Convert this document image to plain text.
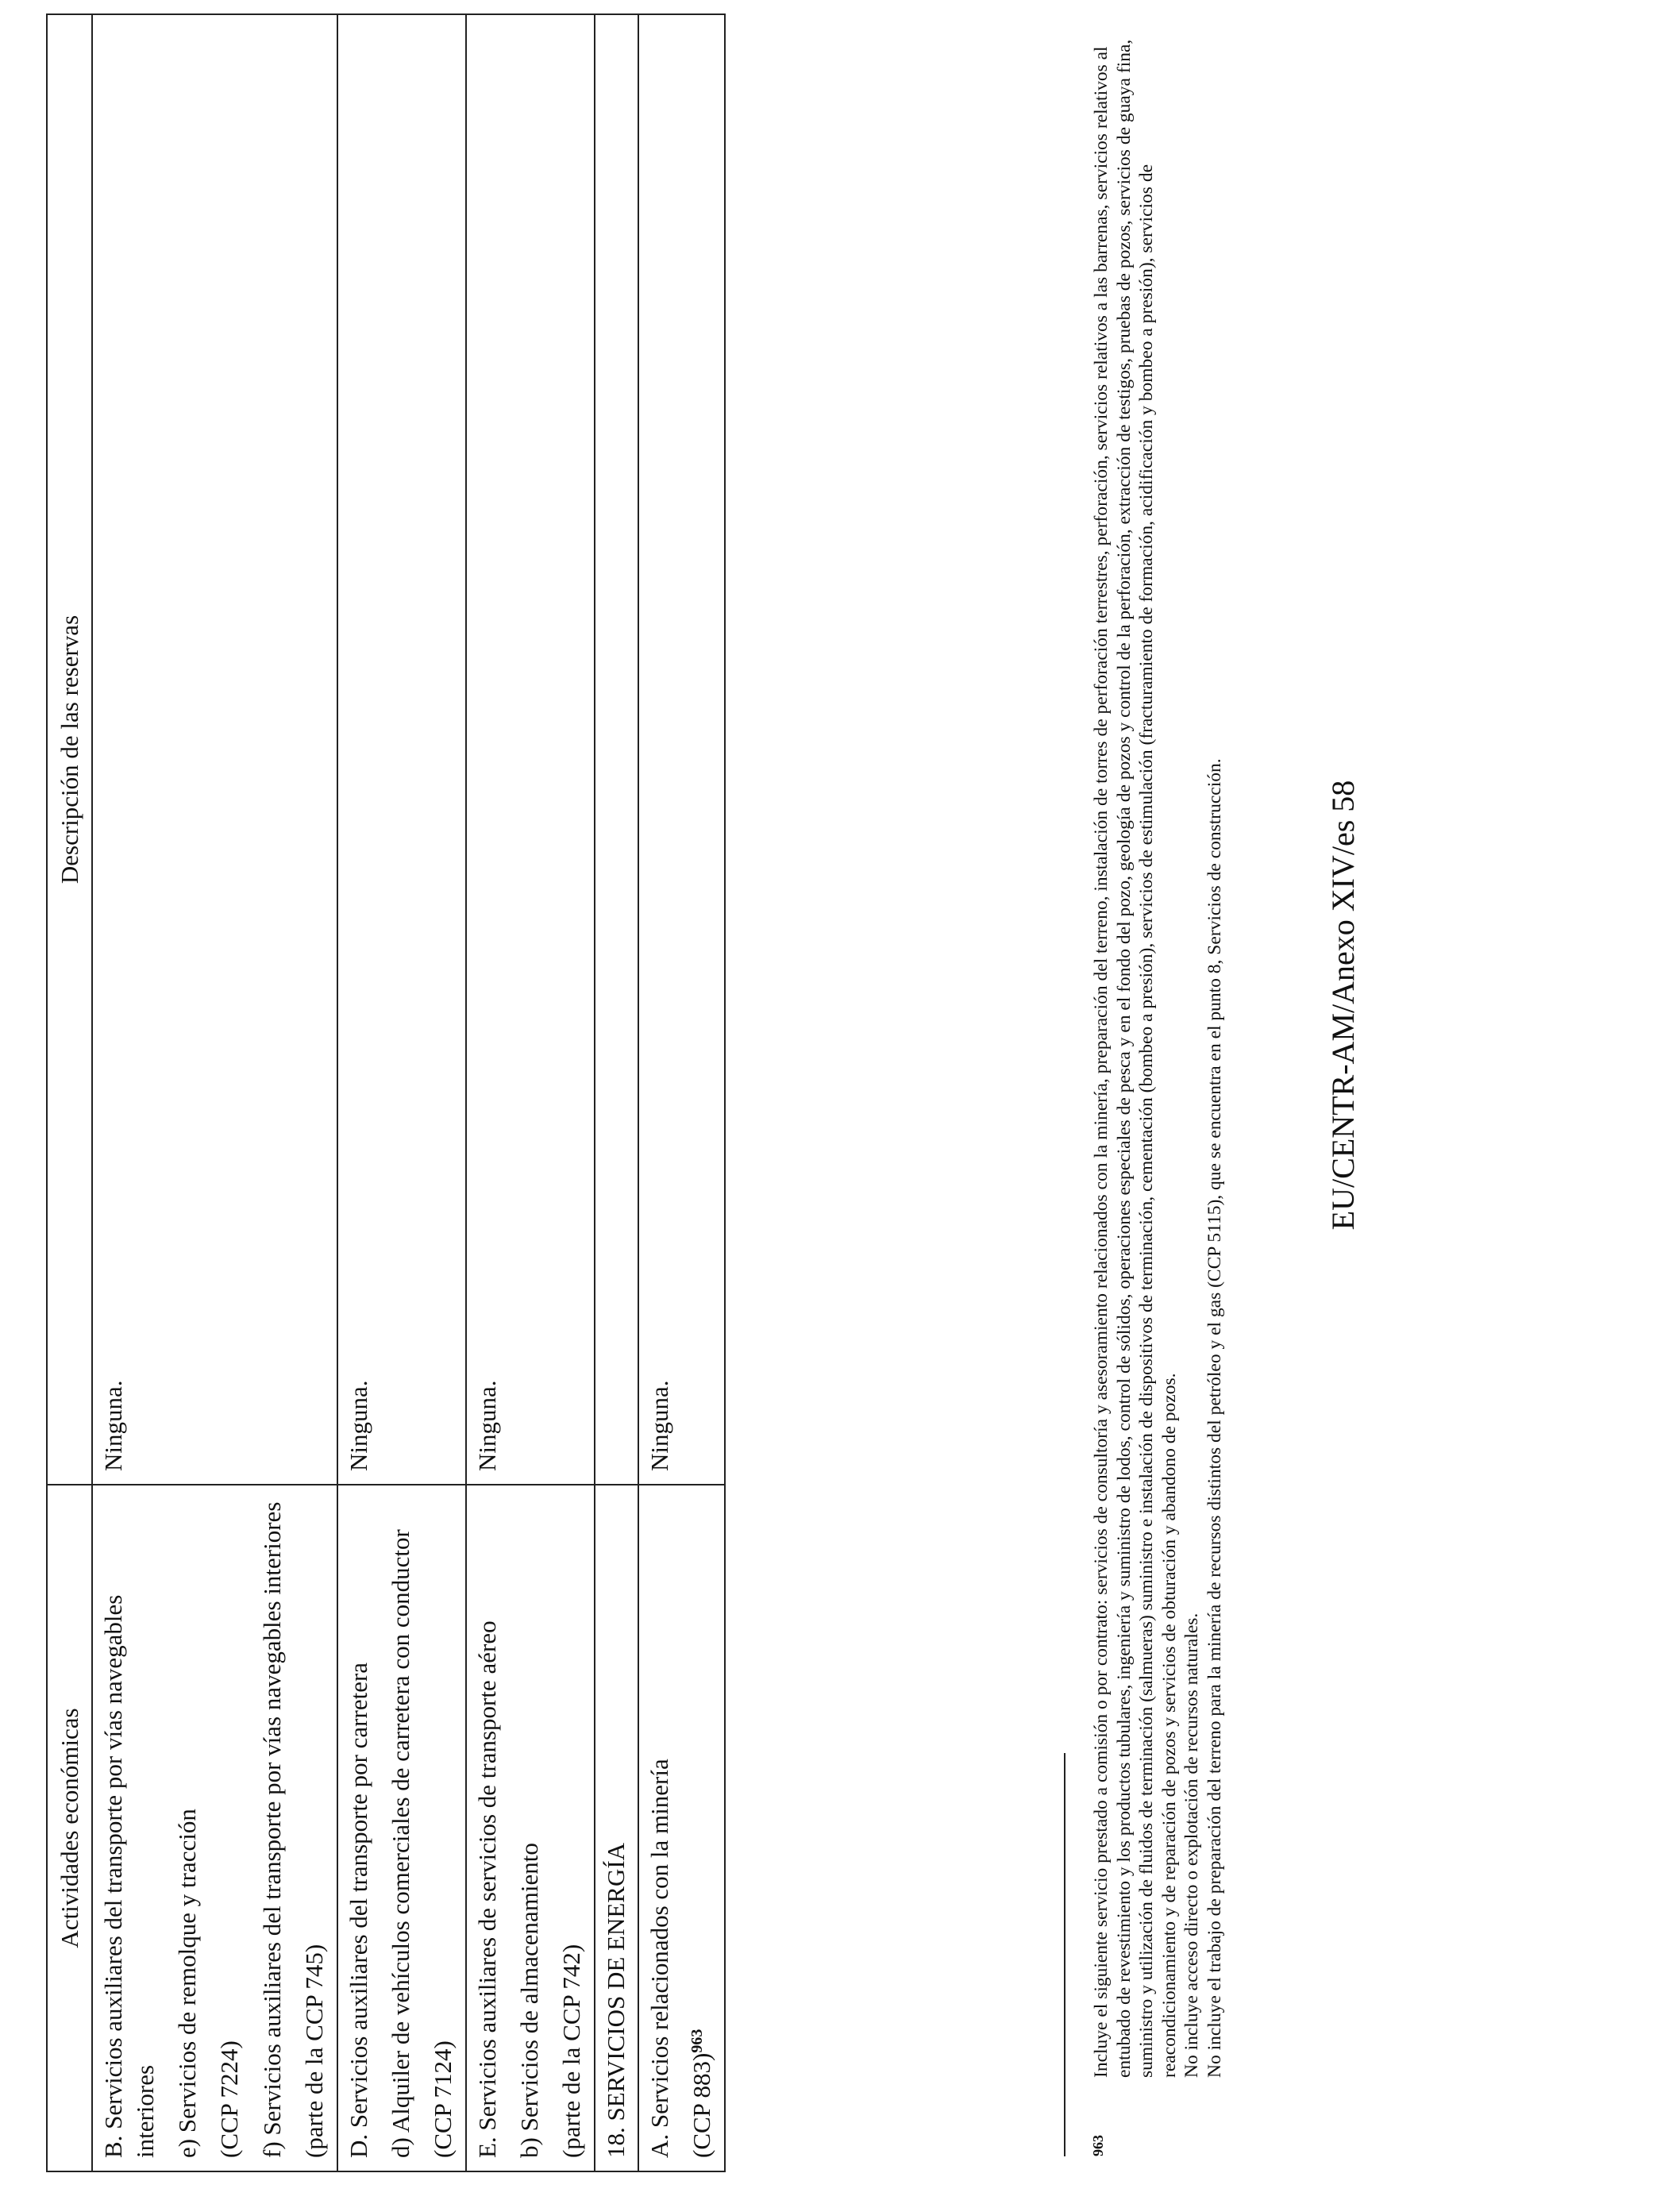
Actividades económicas	Descripción de las reservas

B. Servicios auxiliares del transporte por vías navegables interiores e) Servicios de remolque y tracción (CCP 7224) f) Servicios auxiliares del transporte por vías navegables interiores (parte de la CCP 745)	Ninguna.

D. Servicios auxiliares del transporte por carretera d) Alquiler de vehículos comerciales de carretera con conductor (CCP 7124)	Ninguna.

E. Servicios auxiliares de servicios de transporte aéreo b) Servicios de almacenamiento (parte de la CCP 742)	Ninguna.
18. SERVICIOS DE ENERGÍA	

A. Servicios relacionados con la minería (CCP 883)$^{963}$	Ninguna.
963

Incluye el siguiente servicio prestado a comisión o por contrato: servicios de consultoría y asesoramiento relacionados con la minería, preparación del terreno, instalación de torres de perforación terrestres, perforación, servicios relativos a las barrenas, servicios relativos al entubado de revestimiento y los productos tubulares, ingeniería y suministro de lodos, control de sólidos, operaciones especiales de pesca y en el fondo del pozo, geología de pozos y control de la perforación, extracción de testigos, pruebas de pozos, servicios de guaya fina, suministro y utilización de fluidos de terminación (salmueras) suministro e instalación de dispositivos de terminación, cementación (bombeo a presión), servicios de estimulación (fracturamiento de formación, acidificación y bombeo a presión), servicios de reacondicionamiento y de reparación de pozos y servicios de obturación y abandono de pozos. No incluye acceso directo o explotación de recursos naturales. No incluye el trabajo de preparación del terreno para la minería de recursos distintos del petróleo y el gas (CCP 5115), que se encuentra en el punto 8, Servicios de construcción.	EU/CENTR-AM/Anexo XIV/es 58
